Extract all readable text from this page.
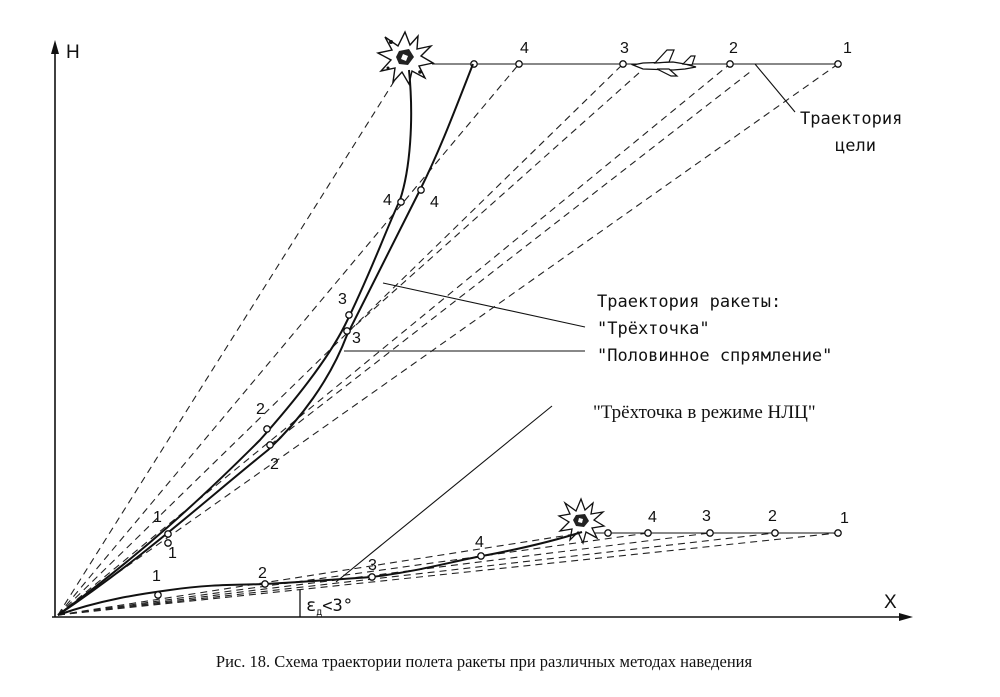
H
X
1
2
3
4
1
2
3
4
1
2
3
4
1
2
3
4
1	2	3
4
$\varepsilon_д<3^\circ$
Траектория
цели
Траектория ракеты:
"Трёхточка"
"Половинное спрямление"
"Трёхточка в режиме НЛЦ"
Рис. 18. Схема траектории полета ракеты при различных методах наведения
